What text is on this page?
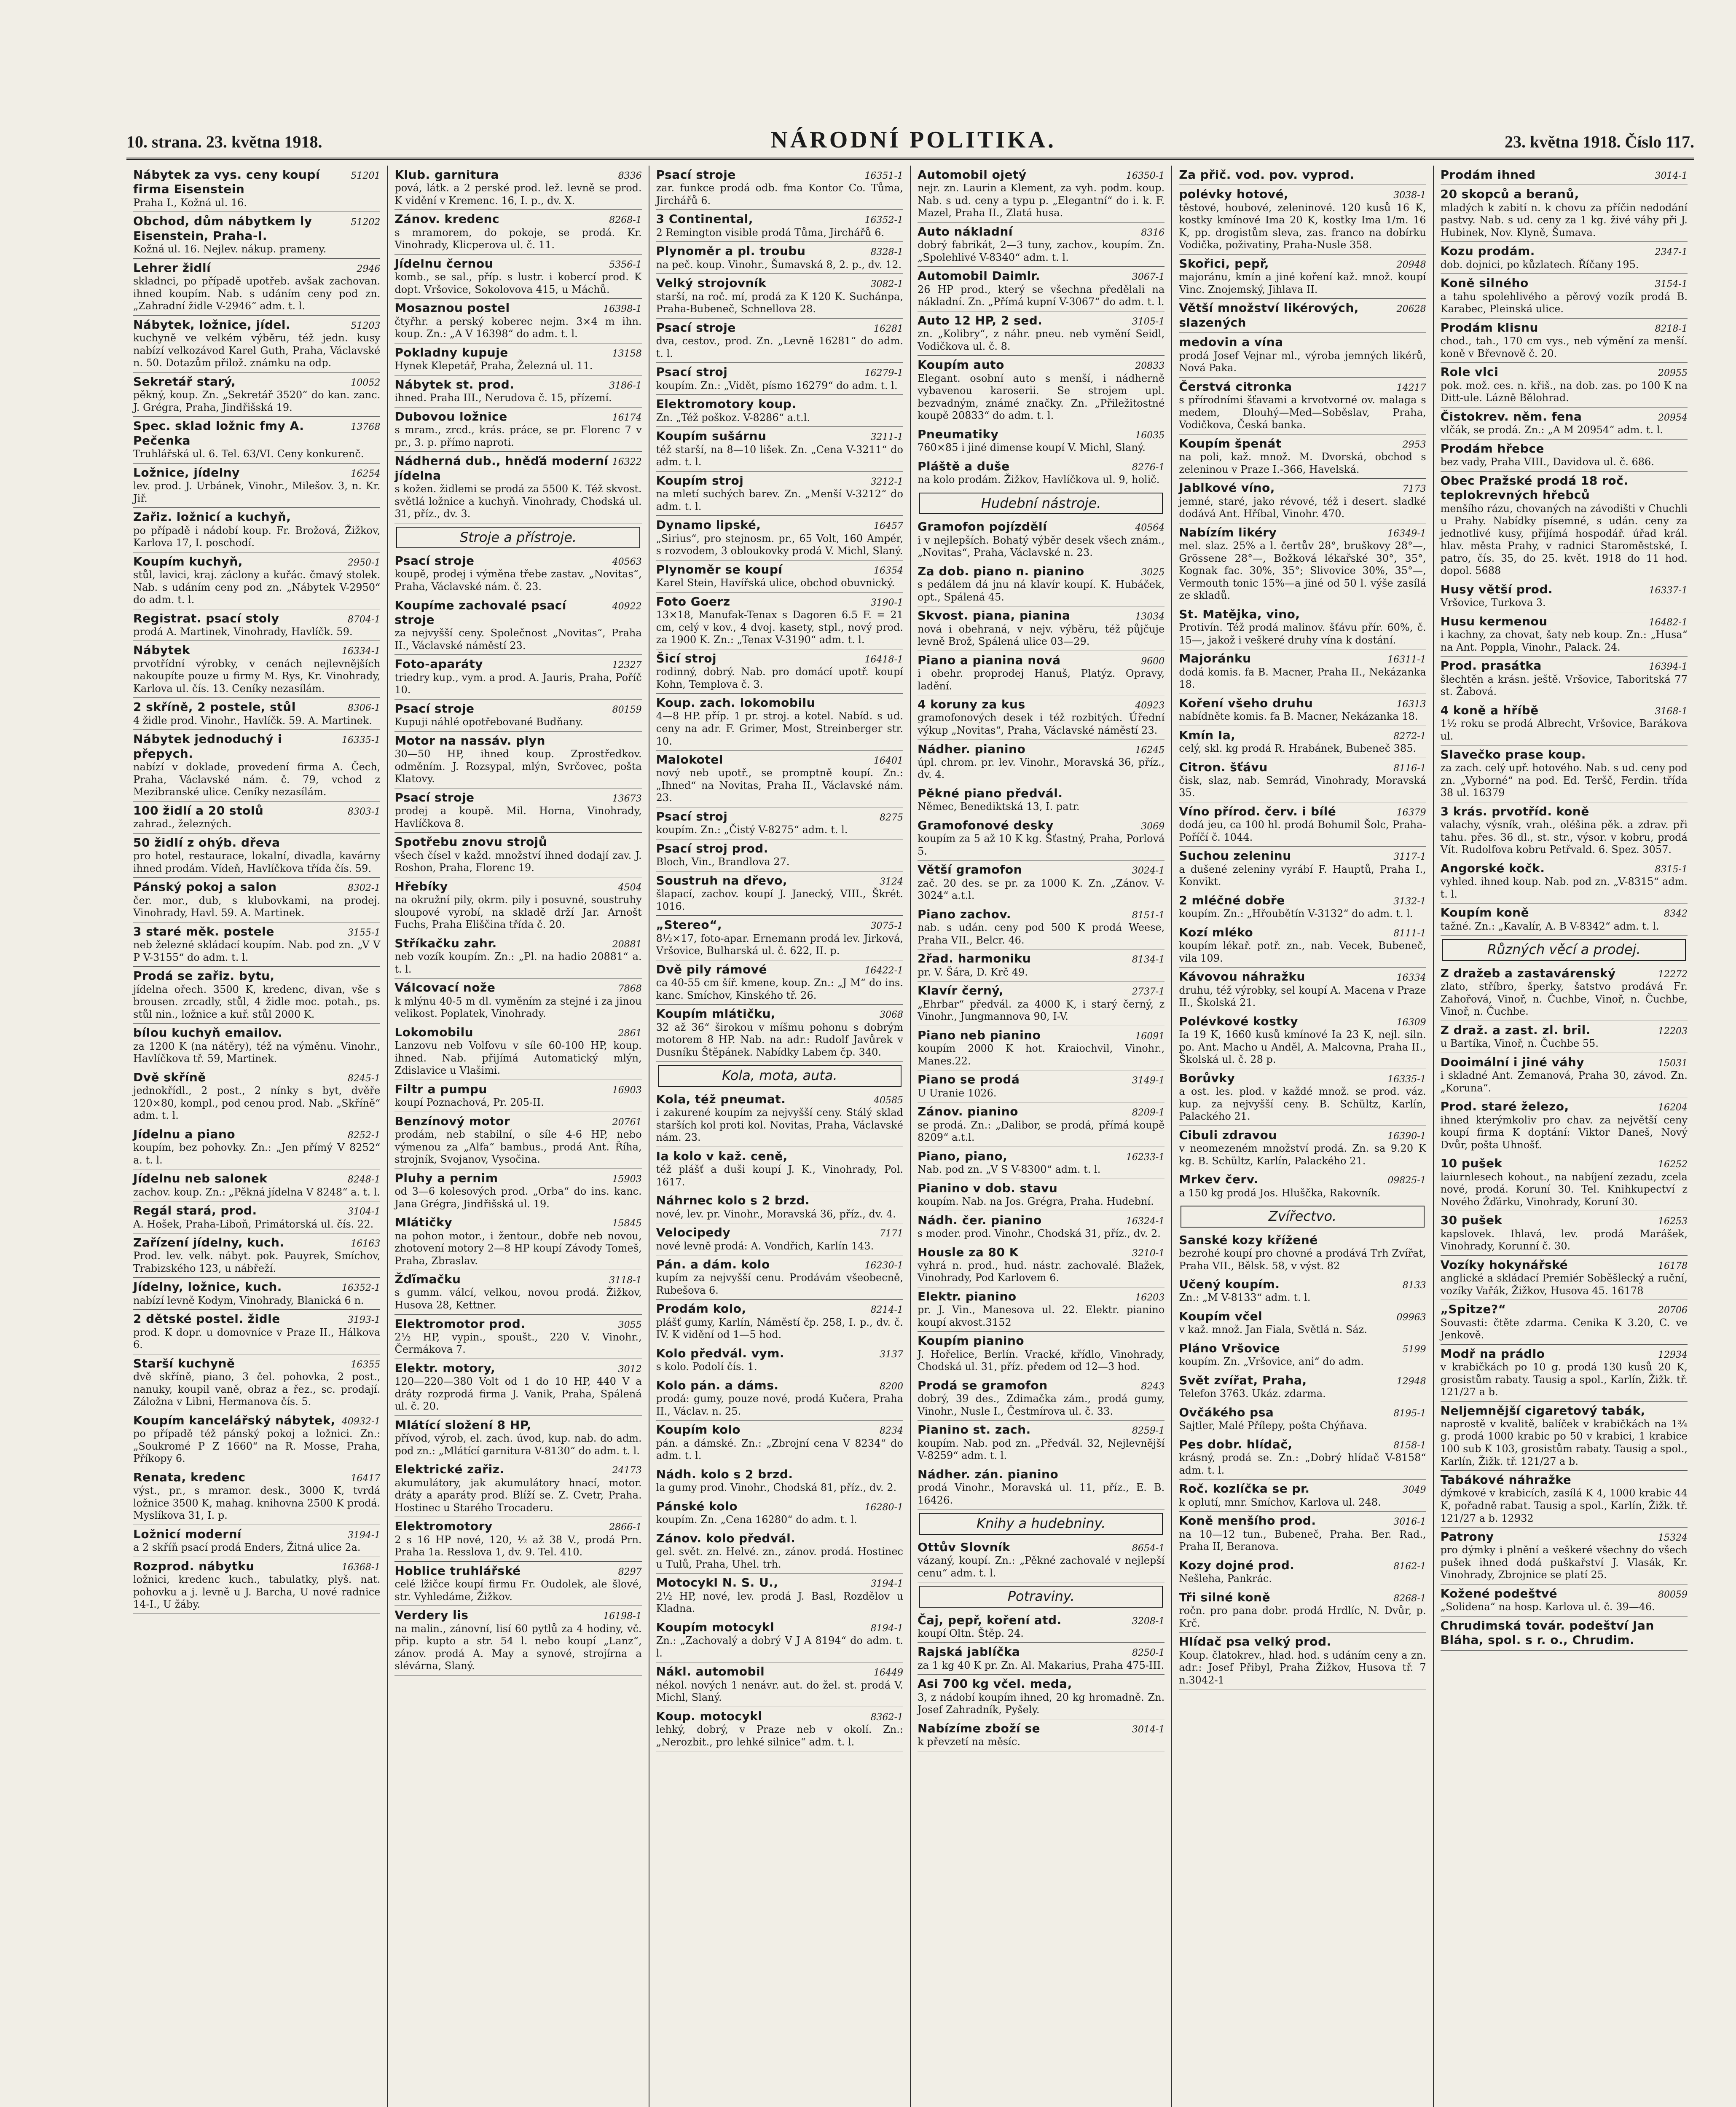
10. strana. 23. května 1918.	NÁRODNÍ POLITIKA.	23. května 1918. Číslo 117.
Nábytek za vys. ceny koupí firma Eisenstein
51201
Praha I., Kožná ul. 16.
Obchod, dům nábytkem ly Eisenstein, Praha-I.
51202
Kožná ul. 16. Nejlev. nákup. prameny.
Lehrer židlí	2946
skladnci, po případě upotřeb. avšak zachovan. ihned koupím. Nab. s udáním ceny pod zn. „Zahradní židle V-2946“ adm. t. l.
Nábytek, ložnice, jídel.	51203
kuchyně ve velkém výběru, též jedn. kusy nabízí velkozávod Karel Guth, Praha, Václavské n. 50. Dotazům přilož. známku na odp.
Sekretář starý,	10052
pěkný, koup. Zn. „Sekretář 3520“ do kan. zanc. J. Grégra, Praha, Jindřišská 19.
Spec. sklad ložnic fmy A. Pečenka
13768
Truhlářská ul. 6. Tel. 63/VI. Ceny konkurenč.
Ložnice, jídelny	16254
lev. prod. J. Urbánek, Vinohr., Milešov. 3, n. Kr. Jiř.
Zařiz. ložnicí a kuchyň,
po případě i nádobí koup. Fr. Brožová, Žižkov, Karlova 17, I. poschodí.
Koupím kuchyň,	2950-1
stůl, lavici, kraj. záclony a kuřác. čmavý stolek. Nab. s udáním ceny pod zn. „Nábytek V-2950“ do adm. t. l.
Registrat. psací stoly	8704-1
prodá A. Martinek, Vinohrady, Havlíčk. 59.
Nábytek	16334-1
prvotřídní výrobky, v cenách nejlevnějších nakoupíte pouze u firmy M. Rys, Kr. Vinohrady, Karlova ul. čís. 13. Ceníky nezasílám.
2 skříně, 2 postele, stůl	8306-1
4 židle prod. Vinohr., Havlíčk. 59. A. Martinek.
Nábytek jednoduchý i přepych.
16335-1
nabízí v doklade, provedení firma A. Čech, Praha, Václavské nám. č. 79, vchod z Mezibranské ulice. Ceníky nezasílám.
100 židlí a 20 stolů	8303-1
zahrad., železných.
50 židlí z ohýb. dřeva
pro hotel, restaurace, lokalní, divadla, kavárny ihned prodám. Vídeň, Havlíčkova třída čís. 59.
Pánský pokoj a salon	8302-1
čer. mor., dub, s klubovkami, na prodej. Vinohrady, Havl. 59. A. Martinek.
3 staré měk. postele	3155-1
neb železné skládací koupím. Nab. pod zn. „V V P V-3155“ do adm. t. l.
Prodá se zařiz. bytu,
jídelna ořech. 3500 K, kredenc, divan, vše s brousen. zrcadly, stůl, 4 židle moc. potah., ps. stůl nin., ložnice a kuř. stůl 2000 K.
bílou kuchyň emailov.
za 1200 K (na nátěry), též na výměnu. Vinohr., Havlíčkova tř. 59, Martinek.
Dvě skříně	8245-1
jednokřídl., 2 post., 2 nínky s byt, dvěře 120×80, kompl., pod cenou prod. Nab. „Skříně“ adm. t. l.
Jídelnu a piano	8252-1
koupím, bez pohovky. Zn.: „Jen přímý V 8252“ a. t. l.
Jídelnu neb salonek	8248-1
zachov. koup. Zn.: „Pěkná jídelna V 8248“ a. t. l.
Regál stará, prod.	3104-1
A. Hošek, Praha-Liboň, Primátorská ul. čís. 22.
Zařízení jídelny, kuch.	16163
Prod. lev. velk. nábyt. pok. Pauyrek, Smíchov, Trabizského 123, u nábřeží.
Jídelny, ložnice, kuch.	16352-1
nabízí levně Kodym, Vinohrady, Blanická 6 n.
2 dětské postel. židle	3193-1
prod. K dopr. u domovníce v Praze II., Hálkova 6.
Starší kuchyně	16355
dvě skříně, piano, 3 čel. pohovka, 2 post., nanuky, koupil vaně, obraz a řez., sc. prodají. Záložna v Libni, Hermanova čís. 5.
Koupím kancelářský nábytek, 40932-1
po případě též pánský pokoj a ložnici. Zn.: „Soukromé P Z 1660“ na R. Mosse, Praha, Příkopy 6.
Renata, kredenc	16417
výst., pr., s mramor. desk., 3000 K, tvrdá ložnice 3500 K, mahag. knihovna 2500 K prodá. Myslíkova 31, I. p.
Ložnicí moderní	3194-1
a 2 skříň psací prodá Enders, Žitná ulice 2a.
Rozprod. nábytku	16368-1
ložnici, kredenc kuch., tabulatky, plyš. nat. pohovku a j. levně u J. Barcha, U nové radnice 14-I., U žáby.
Klub. garnitura	8336
pová, látk. a 2 perské prod. lež. levně se prod. K vidění v Kremenc. 16, I. p., dv. X.
Zánov. kredenc	8268-1
s mramorem, do pokoje, se prodá. Kr. Vinohrady, Klicperova ul. č. 11.
Jídelnu černou	5356-1
komb., se sal., příp. s lustr. i kobercí prod. K dopt. Vršovice, Sokolovova 415, u Máchů.
Mosaznou postel	16398-1
čtyřhr. a perský koberec nejm. 3×4 m ihn. koup. Zn.: „A V 16398“ do adm. t. l.
Pokladny kupuje	13158
Hynek Klepetář, Praha, Železná ul. 11.
Nábytek st. prod.	3186-1
ihned. Praha III., Nerudova č. 15, přízemí.
Dubovou ložnice	16174
s mram., zrcd., krás. práce, se pr. Florenc 7 v pr., 3. p. přímo naproti.
Nádherná dub., hněďá moderní jídelna
16322
s kožen. židlemi se prodá za 5500 K. Též skvost. světlá ložnice a kuchyň. Vinohrady, Chodská ul. 31, příz., dv. 3.
Stroje a přístroje.
Psací stroje	40563
koupě, prodej i výměna třebe zastav. „Novitas“, Praha, Václavské nám. č. 23.
Koupíme zachovalé psací stroje
40922
za nejvyšší ceny. Společnost „Novitas“, Praha II., Václavské náměstí 23.
Foto-aparáty	12327
triedry kup., vym. a prod. A. Jauris, Praha, Poříč 10.
Psací stroje	80159
Kupuji náhlé opotřebované Budňany.
Motor na nassáv. plyn
30—50 HP, ihned koup. Zprostředkov. odměním. J. Rozsypal, mlýn, Svrčovec, pošta Klatovy.
Psací stroje	13673
prodej a koupě. Mil. Horna, Vinohrady, Havlíčkova 8.
Spotřebu znovu strojů
všech čísel v každ. množství ihned dodají zav. J. Roshon, Praha, Florenc 19.
Hřebíky	4504
na okružní pily, okrm. pily i posuvné, soustruhy sloupové vyrobí, na skladě drží Jar. Arnošt Fuchs, Praha Eliščina třída č. 20.
Stříkačku zahr.	20881
neb vozík koupím. Zn.: „Pl. na hadio 20881“ a. t. l.
Válcovací nože	7868
k mlýnu 40-5 m dl. vyměním za stejné i za jinou velikost. Poplatek, Vinohrady.
Lokomobilu	2861
Lanzovu neb Volfovu v síle 60-100 HP, koup. ihned. Nab. přijímá Automatický mlýn, Zdislavice u Vlašimi.
Filtr a pumpu	16903
koupí Poznachová, Pr. 205-II.
Benzínový motor	20761
prodám, neb stabilní, o síle 4-6 HP, nebo výmenou za „Alfa“ bambus., prodá Ant. Říha, strojník, Svojanov, Vysočina.
Pluhy a pernim	15903
od 3—6 kolesových prod. „Orba“ do ins. kanc. Jana Grégra, Jindřišská ul. 19.
Mlátičky	15845
na pohon motor., i žentour., dobře neb novou, zhotovení motory 2—8 HP koupí Závody Tomeš, Praha, Zbraslav.
Žďímačku	3118-1
s gumm. válcí, velkou, novou prodá. Žižkov, Husova 28, Kettner.
Elektromotor prod.	3055
2½ HP, vypin., spoušt., 220 V. Vinohr., Čermákova 7.
Elektr. motory,	3012
120—220—380 Volt od 1 do 10 HP, 440 V a dráty rozprodá firma J. Vanik, Praha, Spálená ul. č. 20.
Mlátící složení 8 HP,
přívod, výrob, el. zach. úvod, kup. nab. do adm. pod zn.: „Mlátící garnitura V-8130“ do adm. t. l.
Elektrické zařiz.	24173
akumulátory, jak akumulátory hnací, motor. dráty a aparáty prod. Blíží se. Z. Cvetr, Praha. Hostinec u Starého Trocaderu.
Elektromotory	2866-1
2 s 16 HP nové, 120, ½ až 38 V., prodá Prn. Praha 1a. Resslova 1, dv. 9. Tel. 410.
Hoblice truhlářské	8297
celé lžičce koupí firmu Fr. Oudolek, ale šlové, str. Vyhledáme, Žižkov.
Verdery lis	16198-1
na malin., zánovní, lisí 60 pytlů za 4 hodiny, vč. přip. kupto a str. 54 l. nebo koupí „Lanz“, zánov. prodá A. May a synové, strojírna a slévárna, Slaný.
Psací stroje	16351-1
zar. funkce prodá odb. fma Kontor Co. Tůma, Jirchářů 6.
3 Continental,	16352-1
2 Remington visible prodá Tůma, Jirchářů 6.
Plynoměr a pl. troubu	8328-1
na peč. koup. Vinohr., Šumavská 8, 2. p., dv. 12.
Velký strojovník	3082-1
starší, na roč. mí, prodá za K 120 K. Suchánpa, Praha-Bubeneč, Schnellova 28.
Psací stroje	16281
dva, cestov., prod. Zn. „Levně 16281“ do adm. t. l.
Psací stroj	16279-1
koupím. Zn.: „Vidět, písmo 16279“ do adm. t. l.
Elektromotory koup.
Zn. „Též poškoz. V-8286“ a.t.l.
Koupím sušárnu	3211-1
též starší, na 8—10 lišek. Zn. „Cena V-3211“ do adm. t. l.
Koupím stroj	3212-1
na mletí suchých barev. Zn. „Menší V-3212“ do adm. t. l.
Dynamo lipské,	16457
„Sirius“, pro stejnosm. pr., 65 Volt, 160 Ampér, s rozvodem, 3 obloukovky prodá V. Michl, Slaný.
Plynoměr se koupí	16354
Karel Stein, Havířská ulice, obchod obuvnický.
Foto Goerz	3190-1
13×18, Manufak-Tenax s Dagoren 6.5 F. = 21 cm, celý v kov., 4 dvoj. kasety, stpl., nový prod. za 1900 K. Zn.: „Tenax V-3190“ adm. t. l.
Šicí stroj	16418-1
rodinný, dobrý. Nab. pro domácí upotř. koupí Kohn, Templova č. 3.
Koup. zach. lokomobilu
4—8 HP. příp. 1 pr. stroj. a kotel. Nabíd. s ud. ceny na adr. F. Grimer, Most, Streinberger str. 10.
Malokotel	16401
nový neb upotř., se promptně koupí. Zn.: „Ihned“ na Novitas, Praha II., Václavské nám. 23.
Psací stroj	8275
koupím. Zn.: „Čistý V-8275“ adm. t. l.
Psací stroj prod.
Bloch, Vin., Brandlova 27.
Soustruh na dřevo,	3124
šlapací, zachov. koupí J. Janecký, VIII., Škrét. 1016.
„Stereo“,	3075-1
8½×17, foto-apar. Ernemann prodá lev. Jirková, Vršovice, Bulharská ul. č. 622, II. p.
Dvě pily rámové	16422-1
ca 40-55 cm šíř. kmene, koup. Zn.: „J M“ do ins. kanc. Smíchov, Kinského tř. 26.
Koupím mlátičku,	3068
32 až 36“ širokou v míšmu pohonu s dobrým motorem 8 HP. Nab. na adr.: Rudolf Javůrek v Dusníku Štěpánek. Nabídky Labem čp. 340.
Kola, mota, auta.
Kola, též pneumat.	40585
i zakurené koupím za nejvyšší ceny. Stálý sklad starších kol proti kol. Novitas, Praha, Václavské nám. 23.
Ia kolo v kaž. ceně,
též plášť a duši koupí J. K., Vinohrady, Pol. 1617.
Náhrnec kolo s 2 brzd.
nové, lev. pr. Vinohr., Moravská 36, příz., dv. 4.
Velocipedy	7171
nové levně prodá: A. Vondřich, Karlín 143.
Pán. a dám. kolo	16230-1
kupím za nejvyšší cenu. Prodávám všeobecně, Rubešova 6.
Prodám kolo,	8214-1
plášť gumy, Karlín, Náměstí čp. 258, I. p., dv. č. IV. K vidění od 1—5 hod.
Kolo předvál. vym.	3137
s kolo. Podolí čís. 1.
Kolo pán. a dáms.	8200
prodá: gumy, pouze nové, prodá Kučera, Praha II., Václav. n. 25.
Koupím kolo	8234
pán. a dámské. Zn.: „Zbrojní cena V 8234“ do adm. t. l.
Nádh. kolo s 2 brzd.
la gumy prod. Vinohr., Chodská 81, příz., dv. 2.
Pánské kolo	16280-1
koupím. Zn. „Cena 16280“ do adm. t. l.
Zánov. kolo předvál.
gel. svět. zn. Helvé. zn., zánov. prodá. Hostinec u Tulů, Praha, Uhel. trh.
Motocykl N. S. U.,	3194-1
2½ HP, nové, lev. prodá J. Basl, Rozdělov u Kladna.
Koupím motocykl	8194-1
Zn.: „Zachovalý a dobrý V J A 8194“ do adm. t. l.
Nákl. automobil	16449
nékol. nových 1 nenávr. aut. do žel. st. prodá V. Michl, Slaný.
Koup. motocykl	8362-1
lehký, dobrý, v Praze neb v okolí. Zn.: „Nerozbit., pro lehké silnice“ adm. t. l.
Automobil ojetý	16350-1
nejr. zn. Laurin a Klement, za vyh. podm. koup. Nab. s ud. ceny a typu p. „Elegantní“ do i. k. F. Mazel, Praha II., Zlatá husa.
Auto nákladní	8316
dobrý fabrikát, 2—3 tuny, zachov., koupím. Zn. „Spolehlivé V-8340“ adm. t. l.
Automobil Daimlr.	3067-1
26 HP prod., který se všechna předělali na nákladní. Zn. „Přímá kupní V-3067“ do adm. t. l.
Auto 12 HP, 2 sed.	3105-1
zn. „Kolibry“, z náhr. pneu. neb vymění Seidl, Vodičkova ul. č. 8.
Koupím auto	20833
Elegant. osobní auto s menší, i nádherně vybavenou karoserii. Se strojem upl. bezvadným, známé značky. Zn. „Přiležitostné koupě 20833“ do adm. t. l.
Pneumatiky	16035
760×85 i jiné dimense koupí V. Michl, Slaný.
Pláště a duše	8276-1
na kolo prodám. Žižkov, Havlíčkova ul. 9, holič.
Hudební nástroje.
Gramofon pojízdělí	40564
i v nejlepších. Bohatý výběr desek všech znám., „Novitas“, Praha, Václavské n. 23.
Za dob. piano n. pianino	3025
s pedálem dá jnu ná klavír koupí. K. Hubáček, opt., Spálená 45.
Skvost. piana, pianina	13034
nová i obehraná, v nejv. výběru, též půjčuje levně Brož, Spálená ulice 03—29.
Piano a pianina nová	9600
i obehr. proprodej Hanuš, Platýz. Opravy, ladění.
4 koruny za kus	40923
gramofonových desek i též rozbitých. Úřední výkup „Novitas“, Praha, Václavské náměstí 23.
Nádher. pianino	16245
úpl. chrom. pr. lev. Vinohr., Moravská 36, příz., dv. 4.
Pěkné piano předvál.
Němec, Benediktská 13, I. patr.
Gramofonové desky	3069
koupím za 5 až 10 K kg. Šťastný, Praha, Porlová 5.
Větší gramofon	3024-1
zač. 20 des. se pr. za 1000 K. Zn. „Zánov. V-3024“ a.t.l.
Piano zachov.	8151-1
nab. s udán. ceny pod 500 K prodá Weese, Praha VII., Belcr. 46.
2řad. harmoniku	8134-1
pr. V. Šára, D. Krč 49.
Klavír černý,	2737-1
„Ehrbar“ předvál. za 4000 K, i starý černý, z Vinohr., Jungmannova 90, I-V.
Piano neb pianino	16091
koupím 2000 K hot. Kraiochvil, Vinohr., Manes.22.
Piano se prodá	3149-1
U Uranie 1026.
Zánov. pianino	8209-1
se prodá. Zn.: „Dalibor, se prodá, přímá koupě 8209“ a.t.l.
Piano, piano,	16233-1
Nab. pod zn. „V S V-8300“ adm. t. l.
Pianino v dob. stavu
koupím. Nab. na Jos. Grégra, Praha. Hudební.
Nádh. čer. pianino	16324-1
s moder. prod. Vinohr., Chodská 31, příz., dv. 2.
Housle za 80 K	3210-1
vyhrá n. prod., hud. nástr. zachovalé. Blažek, Vinohrady, Pod Karlovem 6.
Elektr. pianino	16203
pr. J. Vin., Manesova ul. 22. Elektr. pianino koupí akvost.3152
Koupím pianino
J. Hořelice, Berlín. Vracké, křídlo, Vinohrady, Chodská ul. 31, příz. předem od 12—3 hod.
Prodá se gramofon	8243
dobrý, 39 des., Zdimačka zám., prodá gumy, Vinohr., Nusle I., Čestmírova ul. č. 33.
Pianino st. zach.	8259-1
koupím. Nab. pod zn. „Předvál. 32, Nejlevnější V-8259“ adm. t. l.
Nádher. zán. pianino
prodá Vinohr., Moravská ul. 11, příz., E. B. 16426.
Knihy a hudebniny.
Ottův Slovník	8654-1
vázaný, koupí. Zn.: „Pěkné zachovalé v nejlepší cenu“ adm. t. l.
Potraviny.
Čaj, pepř, koření atd.	3208-1
koupí Oltn. Štěp. 24.
Rajská jablíčka	8250-1
za 1 kg 40 K pr. Zn. Al. Makarius, Praha 475-III.
Asi 700 kg včel. meda,
3, z nádobí koupím ihned, 20 kg hromadně. Zn. Josef Zahradník, Pyšely.
Nabízíme zboží se	3014-1
k převzetí na měsíc.
Za přič. vod. pov. vyprod.
polévky hotové,	3038-1
těstové, houbové, zeleninové. 120 kusů 16 K, kostky kmínové Ima 20 K, kostky Ima 1/m. 16 K, pp. drogistům sleva, zas. franco na dobírku Vodička, poživatiny, Praha-Nusle 358.
Skořici, pepř,	20948
majoránu, kmín a jiné koření kaž. množ. koupí Vinc. Znojemský, Jihlava II.
Větší množství likérových, slazených
20628
medovin a vína
prodá Josef Vejnar ml., výroba jemných likérů, Nová Paka.
Čerstvá citronka	14217
s přírodními šťavami a krvotvorné ov. malaga s medem, Dlouhý—Med—Soběslav, Praha, Vodičkova, Česká banka.
Koupím špenát	2953
na poli, kaž. množ. M. Dvorská, obchod s zeleninou v Praze I.-366, Havelská.
Jablkové víno,	7173
jemné, staré, jako révové, též i desert. sladké dodává Ant. Hříbal, Vinohr. 470.
Nabízím likéry	16349-1
mel. slaz. 25% a l. čertův 28°, bruškovy 28°—, Grössene 28°—, Božková lékařské 30°, 35°, Kognak fac. 30%, 35°; Slivovice 30%, 35°—, Vermouth tonic 15%—a jiné od 50 l. výše zasílá ze skladů.
St. Matějka, vino,
Protivín. Též prodá malinov. šťávu přír. 60%, č. 15—, jakož i veškeré druhy vína k dostání.
Majoránku	16311-1
dodá komis. fa B. Macner, Praha II., Nekázanka 18.
Koření všeho druhu	16313
nabídněte komis. fa B. Macner, Nekázanka 18.
Kmín Ia,	8272-1
celý, skl. kg prodá R. Hrabánek, Bubeneč 385.
Citron. šťávu	8116-1
čisk, slaz, nab. Semrád, Vinohrady, Moravská 35.
Víno přírod. červ. i bílé	16379
dodá jeu, ca 100 hl. prodá Bohumil Šolc, Praha-Poříčí č. 1044.
Suchou zeleninu	3117-1
a dušené zeleniny vyrábí F. Hauptů, Praha I., Konvikt.
2 mléčné dobře	3132-1
koupím. Zn.: „Hřoubětín V-3132“ do adm. t. l.
Kozí mléko	8111-1
koupím lékař. potř. zn., nab. Vecek, Bubeneč, vila 109.
Kávovou náhražku	16334
druhu, též výrobky, sel koupí A. Macena v Praze II., Školská 21.
Polévkové kostky	16309
Ia 19 K, 1660 kusů kmínové Ia 23 K, nejl. siln. po. Ant. Macho u Anděl, A. Malcovna, Praha II., Školská ul. č. 28 p.
Borůvky	16335-1
a ost. les. plod. v každé množ. se prod. váz. kup. za nejvyšší ceny. B. Schültz, Karlín, Palackého 21.
Cibuli zdravou	16390-1
v neomezeném množství prodá. Zn. sa 9.20 K kg. B. Schültz, Karlín, Palackého 21.
Mrkev červ.	09825-1
a 150 kg prodá Jos. Hluščka, Rakovník.
Zvířectvo.
Sanské kozy křížené
bezrohé koupí pro chovné a prodává Trh Zvířat, Praha VII., Bělsk. 58, v výst. 82
Učený koupím.	8133
Zn.: „M V-8133“ adm. t. l.
Koupím včel	09963
v kaž. množ. Jan Fiala, Světlá n. Sáz.
Pláno Vršovice	5199
koupím. Zn. „Vršovice, ani“ do adm.
Svět zvířat, Praha,	12948
Telefon 3763. Ukáz. zdarma.
Ovčákého psa	8195-1
Sajtler, Malé Přílepy, pošta Chýňava.
Pes dobr. hlídač,	8158-1
krásný, prodá se. Zn.: „Dobrý hlídač V-8158“ adm. t. l.
Roč. kozlíčka se pr.	3049
k oplutí, mnr. Smíchov, Karlova ul. 248.
Koně menšího prod.	3016-1
na 10—12 tun., Bubeneč, Praha. Ber. Rad., Praha II, Beranova.
Kozy dojné prod.	8162-1
Nešleha, Pankrác.
Tři silné koně	8268-1
ročn. pro pana dobr. prodá Hrdlíc, N. Dvůr, p. Krč.
Hlídač psa velký prod.
Koup. člatokrev., hlad. hod. s udáním ceny a zn. adr.: Josef Přibyl, Praha Žižkov, Husova tř. 7 n.3042-1
Prodám ihned	3014-1
20 skopců a beranů,
mladých k zabití n. k chovu za příčin nedodání pastvy. Nab. s ud. ceny za 1 kg. živé váhy při J. Hubinek, Nov. Klyně, Šumava.
Kozu prodám.	2347-1
dob. dojnici, po kůzlatech. Říčany 195.
Koně silného	3154-1
a tahu spolehlivého a pěrový vozík prodá B. Karabec, Pleinská ulice.
Prodám klisnu	8218-1
chod., tah., 170 cm vys., neb výmění za menší. koně v Břevnově č. 20.
Role vlci	20955
pok. mož. ces. n. křiš., na dob. zas. po 100 K na Ditt-ule. Lázně Bělohrad.
Čistokrev. něm. fena	20954
vlčák, se prodá. Zn.: „A M 20954“ adm. t. l.
Prodám hřebce
bez vady, Praha VIII., Davidova ul. č. 686.
Obec Pražské prodá 18 roč. teplokrevných hřebců
menšího rázu, chovaných na závodišti v Chuchli u Prahy. Nabídky písemné, s udán. ceny za jednotlivé kusy, přijímá hospodář. úřad král. hlav. města Prahy, v radnici Staroměstské, I. patro, čís. 35, do 25. květ. 1918 do 11 hod. dopol. 5688
Husy větší prod.	16337-1
Vršovice, Turkova 3.
Husu kermenou	16482-1
i kachny, za chovat, šaty neb koup. Zn.: „Husa“ na Ant. Poppla, Vinohr., Palack. 24.
Prod. prasátka	16394-1
šlechtěn a krásn. ještě. Vršovice, Taboritská 77 st. Žabová.
4 koně a hříbě	3168-1
1½ roku se prodá Albrecht, Vršovice, Barákova ul.
Slavečko prase koup.
za zach. celý upř. hotového. Nab. s ud. ceny pod zn. „Vyborné“ na pod. Ed. Teršč, Ferdin. třída 38 ul. 16379
3 krás. prvotříd. koně
valachy, výsník, vrah., oléšina pěk. a zdrav. při tahu. přes. 36 dl., st. str., výsor. v kobru, prodá Vít. Rudolfova kobru Petřvald. 6. Spez. 3057.
Angorské kočk.	8315-1
vyhled. ihned koup. Nab. pod zn. „V-8315“ adm. t. l.
Koupím koně	8342
tažné. Zn.: „Kavalír, A. B V-8342“ adm. t. l.
Různých věcí a prodej.
Z dražeb a zastavárenský	12272
zlato, stříbro, šperky, šatstvo prodává Fr. Zahořová, Vinoř, n. Čuchbe, Vinoř, n. Čuchbe, Vinoř, n. Čuchbe.
Z draž. a zast. zl. bril.	12203
u Bartíka, Vinoř, n. Čuchbe 55.
Dooimální i jiné váhy	15031
i skladné Ant. Zemanová, Praha 30, závod. Zn. „Koruna“.
Prod. staré železo,	16204
ihned kterýmkoliv pro chav. za největší ceny koupí firma K doptání: Viktor Daneš, Nový Dvůr, pošta Uhnošť.
10 pušek	16252
laiurnlesech kohout., na nabíjení zezadu, zcela nové, prodá. Koruní 30. Tel. Knihkupectví z Nového Žďárku, Vinohrady, Koruní 30.
30 pušek	16253
kapslovek. Ihlavá, lev. prodá Marášek, Vinohrady, Korunní č. 30.
Vozíky hokynářské	16178
anglické a skládací Premiér Soběšlecký a ruční, vozíky Vařák, Žižkov, Husova 45. 16178
„Spitze?“	20706
Souvasti: čtěte zdarma. Cenika K 3.20, C. ve Jenkově.
Modř na prádlo	12934
v krabičkách po 10 g. prodá 130 kusů 20 K, grosistům rabaty. Tausig a spol., Karlín, Žižk. tř. 121/27 a b.
Neljemnější cigaretový tabák,
naprostě v kvalitě, balíček v krabičkách na 1¾ g. prodá 1000 krabic po 50 v krabici, 1 krabice 100 sub K 103, grosistům rabaty. Tausig a spol., Karlín, Žižk. tř. 121/27 a b.
Tabákové náhražke
dýmkové v krabicích, zasílá K 4, 1000 krabic 44 K, pořadně rabat. Tausig a spol., Karlín, Žižk. tř. 121/27 a b. 12932
Patrony	15324
pro dýmky i plnění a veškeré všechny do všech pušek ihned dodá puškařství J. Vlasák, Kr. Vinohrady, Zbrojnice se platí 25.
Kožené podeštvé	80059
„Solidena“ na hosp. Karlova ul. č. 39—46.
Chrudimská továr. podeštví Jan Bláha, spol. s r. o., Chrudim.
